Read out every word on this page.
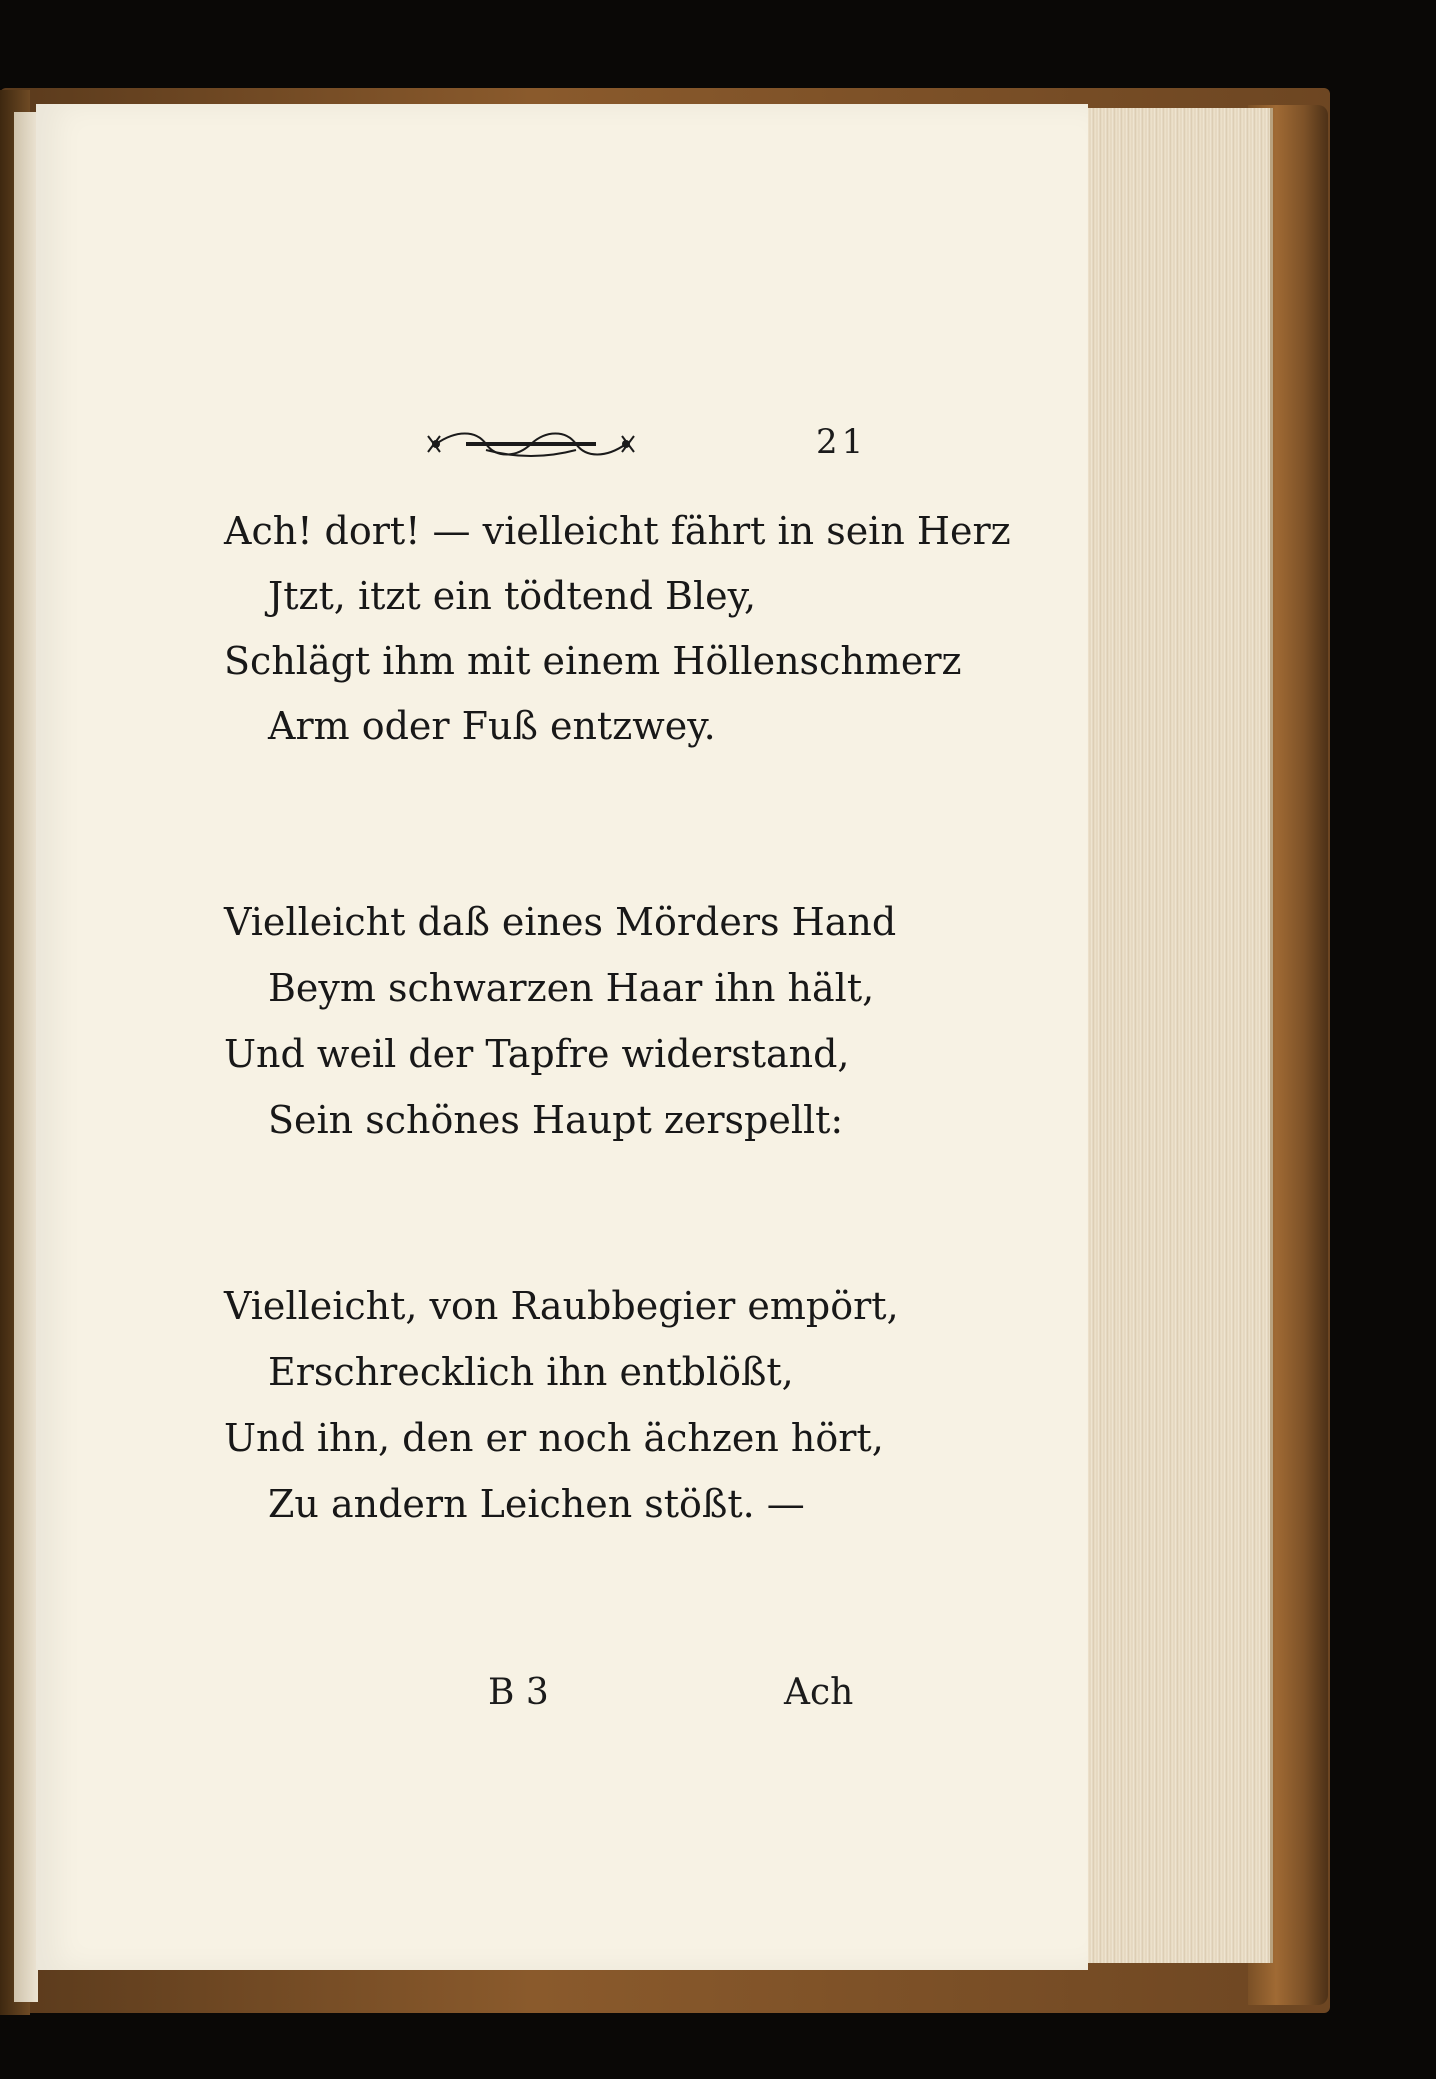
21
Ach! dort! — vielleicht fährt in sein Herz
Jtzt, itzt ein tödtend Bley,
Schlägt ihm mit einem Höllenschmerz
Arm oder Fuß entzwey.
Vielleicht daß eines Mörders Hand
Beym schwarzen Haar ihn hält,
Und weil der Tapfre widerstand,
Sein schönes Haupt zerspellt:
Vielleicht, von Raubbegier empört,
Erschrecklich ihn entblößt,
Und ihn, den er noch ächzen hört,
Zu andern Leichen stößt. —
B 3	Ach
